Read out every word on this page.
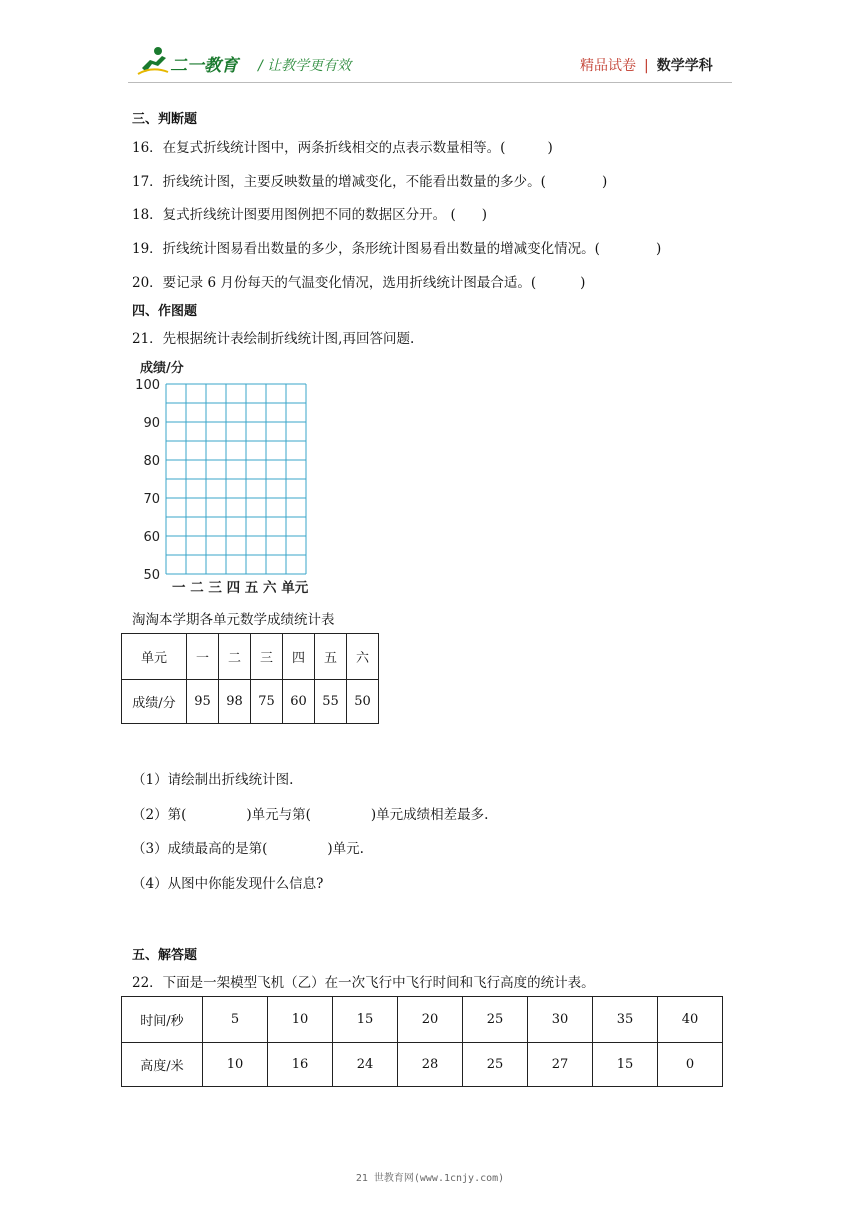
二一教育 / 让教学更有效	精品试卷 | 数学学科
三、判断题
16．在复式折线统计图中，两条折线相交的点表示数量相等。(	)
17．折线统计图，主要反映数量的增减变化，不能看出数量的多少。(	)
18．复式折线统计图要用图例把不同的数据区分开。 ( )
19．折线统计图易看出数量的多少，条形统计图易看出数量的增减变化情况。(	)
20．要记录 6 月份每天的气温变化情况，选用折线统计图最合适。(	)
四、作图题
21．先根据统计表绘制折线统计图,再回答问题.
成绩/分
100
90
80
70
60
50
一 二 三 四 五 六 单元
淘淘本学期各单元数学成绩统计表
单元	一	二	三	四	五	六
成绩/分	95	98	75	60	55	50
（1）请绘制出折线统计图.
（2）第(	)单元与第(	)单元成绩相差最多.
（3）成绩最高的是第(	)单元.
（4）从图中你能发现什么信息?
五、解答题
22．下面是一架模型飞机（乙）在一次飞行中飞行时间和飞行高度的统计表。
时间/秒	5	10	15	20	25	30	35	40
高度/米	10	16	24	28	25	27	15	0
21 世教育网(www.1cnjy.com)
